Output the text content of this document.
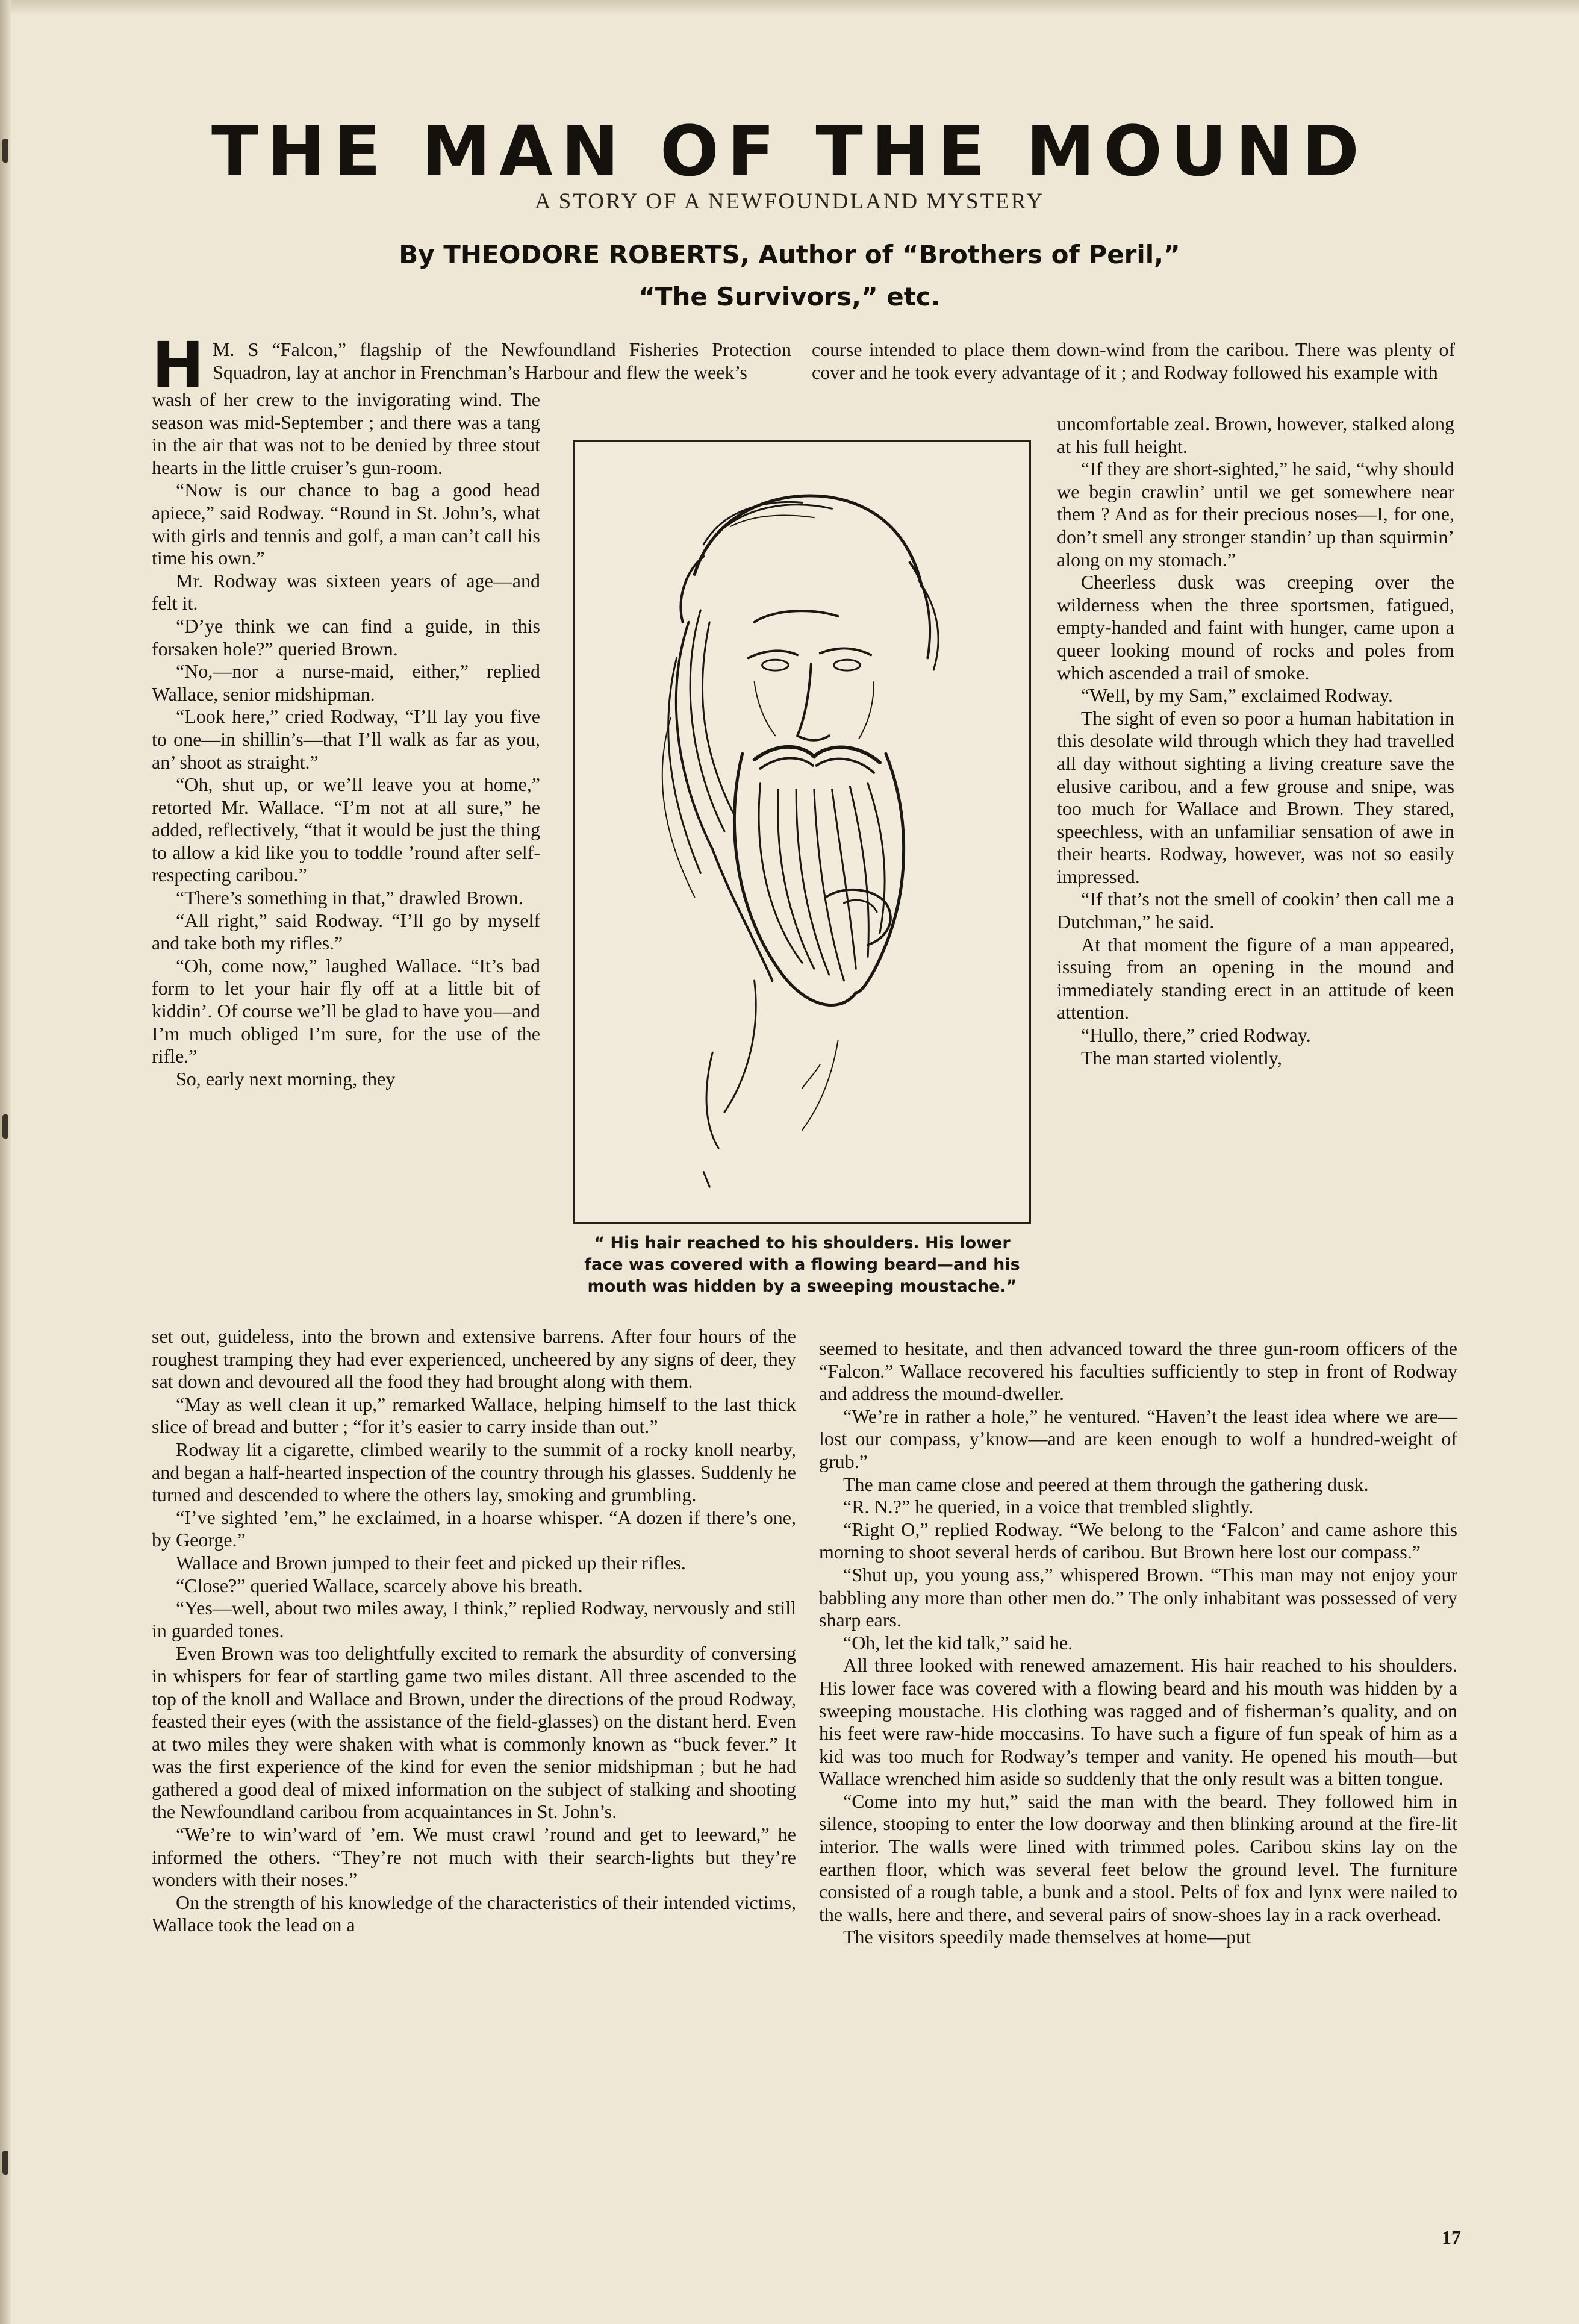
THE MAN OF THE MOUND
A STORY OF A NEWFOUNDLAND MYSTERY
By THEODORE ROBERTS, Author of “Brothers of Peril,”
“The Survivors,” etc.
H M. S “Falcon,” flagship of the Newfoundland Fisheries Protection Squadron, lay at anchor in Frenchman’s Harbour and flew the week’s
course intended to place them down-wind from the caribou. There was plenty of cover and he took every advantage of it ; and Rodway followed his example with

wash of her crew to the invigorating wind. The season was mid-September ; and there was a tang in the air that was not to be denied by three stout hearts in the little cruiser’s gun-room.

“Now is our chance to bag a good head apiece,” said Rodway. “Round in St. John’s, what with girls and tennis and golf, a man can’t call his time his own.”

Mr. Rodway was sixteen years of age—and felt it.

“D’ye think we can find a guide, in this forsaken hole?” queried Brown.

“No,—nor a nurse-maid, either,” replied Wallace, senior midshipman.

“Look here,” cried Rodway, “I’ll lay you five to one—in shillin’s—that I’ll walk as far as you, an’ shoot as straight.”

“Oh, shut up, or we’ll leave you at home,” retorted Mr. Wallace. “I’m not at all sure,” he added, reflectively, “that it would be just the thing to allow a kid like you to toddle ’round after self-respecting caribou.”

“There’s something in that,” drawled Brown.

“All right,” said Rodway. “I’ll go by myself and take both my rifles.”

“Oh, come now,” laughed Wallace. “It’s bad form to let your hair fly off at a little bit of kiddin’. Of course we’ll be glad to have you—and I’m much obliged I’m sure, for the use of the rifle.”

So, early next morning, they

uncomfortable zeal. Brown, however, stalked along at his full height.

“If they are short-sighted,” he said, “why should we begin crawlin’ until we get somewhere near them ? And as for their precious noses—I, for one, don’t smell any stronger standin’ up than squirmin’ along on my stomach.”

Cheerless dusk was creeping over the wilderness when the three sportsmen, fatigued, empty-handed and faint with hunger, came upon a queer looking mound of rocks and poles from which ascended a trail of smoke.

“Well, by my Sam,” exclaimed Rodway.

The sight of even so poor a human habitation in this desolate wild through which they had travelled all day without sighting a living creature save the elusive caribou, and a few grouse and snipe, was too much for Wallace and Brown. They stared, speechless, with an unfamiliar sensation of awe in their hearts. Rodway, however, was not so easily impressed.

“If that’s not the smell of cookin’ then call me a Dutchman,” he said.

At that moment the figure of a man appeared, issuing from an opening in the mound and immediately standing erect in an attitude of keen attention.

“Hullo, there,” cried Rodway.

The man started violently,

“ His hair reached to his shoulders. His lower face was covered with a flowing beard—and his mouth was hidden by a sweeping moustache.”

set out, guideless, into the brown and extensive barrens. After four hours of the roughest tramping they had ever experienced, uncheered by any signs of deer, they sat down and devoured all the food they had brought along with them.

“May as well clean it up,” remarked Wallace, helping himself to the last thick slice of bread and butter ; “for it’s easier to carry inside than out.”

Rodway lit a cigarette, climbed wearily to the summit of a rocky knoll nearby, and began a half-hearted inspection of the country through his glasses. Suddenly he turned and descended to where the others lay, smoking and grumbling.

“I’ve sighted ’em,” he exclaimed, in a hoarse whisper. “A dozen if there’s one, by George.”

Wallace and Brown jumped to their feet and picked up their rifles.

“Close?” queried Wallace, scarcely above his breath.

“Yes—well, about two miles away, I think,” replied Rodway, nervously and still in guarded tones.

Even Brown was too delightfully excited to remark the absurdity of conversing in whispers for fear of startling game two miles distant. All three ascended to the top of the knoll and Wallace and Brown, under the directions of the proud Rodway, feasted their eyes (with the assistance of the field-glasses) on the distant herd. Even at two miles they were shaken with what is commonly known as “buck fever.” It was the first experience of the kind for even the senior midshipman ; but he had gathered a good deal of mixed information on the subject of stalking and shooting the Newfoundland caribou from acquaintances in St. John’s.

“We’re to win’ward of ’em. We must crawl ’round and get to leeward,” he informed the others. “They’re not much with their search-lights but they’re wonders with their noses.”

On the strength of his knowledge of the characteristics of their intended victims, Wallace took the lead on a

seemed to hesitate, and then advanced toward the three gun-room officers of the “Falcon.” Wallace recovered his faculties sufficiently to step in front of Rodway and address the mound-dweller.

“We’re in rather a hole,” he ventured. “Haven’t the least idea where we are—lost our compass, y’know—and are keen enough to wolf a hundred-weight of grub.”

The man came close and peered at them through the gathering dusk.

“R. N.?” he queried, in a voice that trembled slightly.

“Right O,” replied Rodway. “We belong to the ‘Falcon’ and came ashore this morning to shoot several herds of caribou. But Brown here lost our compass.”

“Shut up, you young ass,” whispered Brown. “This man may not enjoy your babbling any more than other men do.” The only inhabitant was possessed of very sharp ears.

“Oh, let the kid talk,” said he.

All three looked with renewed amazement. His hair reached to his shoulders. His lower face was covered with a flowing beard and his mouth was hidden by a sweeping moustache. His clothing was ragged and of fisherman’s quality, and on his feet were raw-hide moccasins. To have such a figure of fun speak of him as a kid was too much for Rodway’s temper and vanity. He opened his mouth—but Wallace wrenched him aside so suddenly that the only result was a bitten tongue.

“Come into my hut,” said the man with the beard. They followed him in silence, stooping to enter the low doorway and then blinking around at the fire-lit interior. The walls were lined with trimmed poles. Caribou skins lay on the earthen floor, which was several feet below the ground level. The furniture consisted of a rough table, a bunk and a stool. Pelts of fox and lynx were nailed to the walls, here and there, and several pairs of snow-shoes lay in a rack overhead.

The visitors speedily made themselves at home—put

17
